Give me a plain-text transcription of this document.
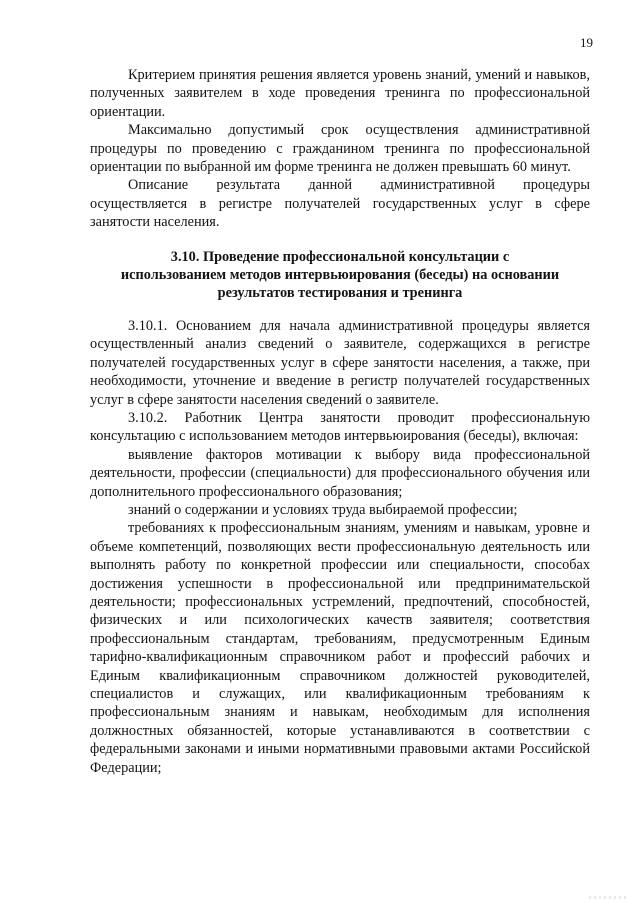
19

Критерием принятия решения является уровень знаний, умений и навыков, полученных заявителем в ходе проведения тренинга по профессиональной ориентации.

Максимально допустимый срок осуществления административной процедуры по проведению с гражданином тренинга по профессиональной ориентации по выбранной им форме тренинга не должен превышать 60 минут.

Описание результата данной административной процедуры осуществляется в регистре получателей государственных услуг в сфере занятости населения.

3.10. Проведение профессиональной консультации с
использованием методов интервьюирования (беседы) на основании
результатов тестирования и тренинга

3.10.1. Основанием для начала административной процедуры является осуществленный анализ сведений о заявителе, содержащихся в регистре получателей государственных услуг в сфере занятости населения, а также, при необходимости, уточнение и введение в регистр получателей государственных услуг в сфере занятости населения сведений о заявителе.

3.10.2. Работник Центра занятости проводит профессиональную консультацию с использованием методов интервьюирования (беседы), включая:

выявление факторов мотивации к выбору вида профессиональной деятельности, профессии (специальности) для профессионального обучения или дополнительного профессионального образования;

знаний о содержании и условиях труда выбираемой профессии;

требованиях к профессиональным знаниям, умениям и навыкам, уровне и объеме компетенций, позволяющих вести профессиональную деятельность или выполнять работу по конкретной профессии или специальности, способах достижения успешности в профессиональной или предпринимательской деятельности; профессиональных устремлений, предпочтений, способностей, физических и или психологических качеств заявителя; соответствия профессиональным стандартам, требованиям, предусмотренным Единым тарифно-квалификационным справочником работ и профессий рабочих и Единым квалификационным справочником должностей руководителей, специалистов и служащих, или квалификационным требованиям к профессиональным знаниям и навыкам, необходимым для исполнения должностных обязанностей, которые устанавливаются в соответствии с федеральными законами и иными нормативными правовыми актами Российской Федерации;
